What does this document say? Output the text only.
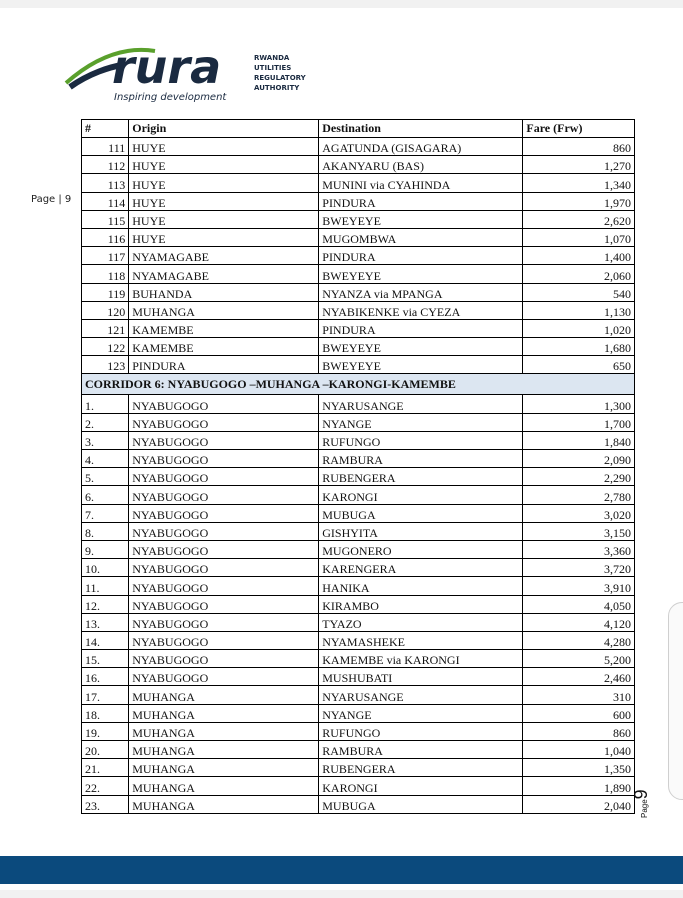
rura
Inspiring development
RWANDA
UTILITIES
REGULATORY
AUTHORITY
Page | 9
#	Origin	Destination	Fare (Frw)
111	HUYE	AGATUNDA (GISAGARA)	860
112	HUYE	AKANYARU (BAS)	1,270
113	HUYE	MUNINI via CYAHINDA	1,340
114	HUYE	PINDURA	1,970
115	HUYE	BWEYEYE	2,620
116	HUYE	MUGOMBWA	1,070
117	NYAMAGABE	PINDURA	1,400
118	NYAMAGABE	BWEYEYE	2,060
119	BUHANDA	NYANZA via MPANGA	540
120	MUHANGA	NYABIKENKE via CYEZA	1,130
121	KAMEMBE	PINDURA	1,020
122	KAMEMBE	BWEYEYE	1,680
123	PINDURA	BWEYEYE	650
CORRIDOR 6: NYABUGOGO –MUHANGA –KARONGI-KAMEMBE			
1.	NYABUGOGO	NYARUSANGE	1,300
2.	NYABUGOGO	NYANGE	1,700
3.	NYABUGOGO	RUFUNGO	1,840
4.	NYABUGOGO	RAMBURA	2,090
5.	NYABUGOGO	RUBENGERA	2,290
6.	NYABUGOGO	KARONGI	2,780
7.	NYABUGOGO	MUBUGA	3,020
8.	NYABUGOGO	GISHYITA	3,150
9.	NYABUGOGO	MUGONERO	3,360
10.	NYABUGOGO	KARENGERA	3,720
11.	NYABUGOGO	HANIKA	3,910
12.	NYABUGOGO	KIRAMBO	4,050
13.	NYABUGOGO	TYAZO	4,120
14.	NYABUGOGO	NYAMASHEKE	4,280
15.	NYABUGOGO	KAMEMBE via KARONGI	5,200
16.	NYABUGOGO	MUSHUBATI	2,460
17.	MUHANGA	NYARUSANGE	310
18.	MUHANGA	NYANGE	600
19.	MUHANGA	RUFUNGO	860
20.	MUHANGA	RAMBURA	1,040
21.	MUHANGA	RUBENGERA	1,350
22.	MUHANGA	KARONGI	1,890
23.	MUHANGA	MUBUGA	2,040	Page9
